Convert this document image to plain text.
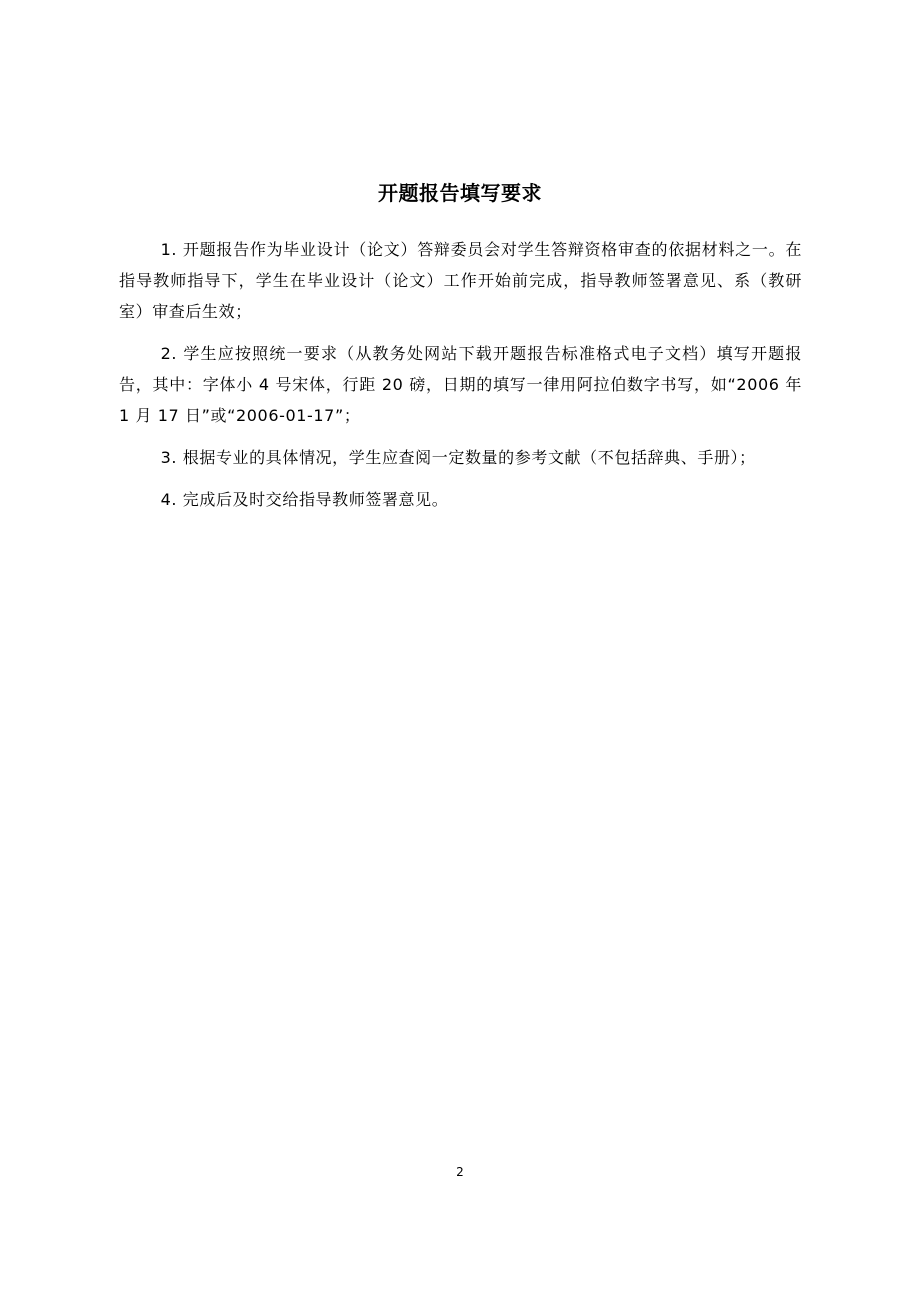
开题报告填写要求

1. 开题报告作为毕业设计（论文）答辩委员会对学生答辩资格审查的依据材料之一。在指导教师指导下，学生在毕业设计（论文）工作开始前完成，指导教师签署意见、系（教研室）审查后生效；

2. 学生应按照统一要求（从教务处网站下载开题报告标准格式电子文档）填写开题报告，其中：字体小 4 号宋体，行距 20 磅，日期的填写一律用阿拉伯数字书写，如“2006 年 1 月 17 日”或“2006-01-17”；

3. 根据专业的具体情况，学生应查阅一定数量的参考文献（不包括辞典、手册）；

4. 完成后及时交给指导教师签署意见。

2
